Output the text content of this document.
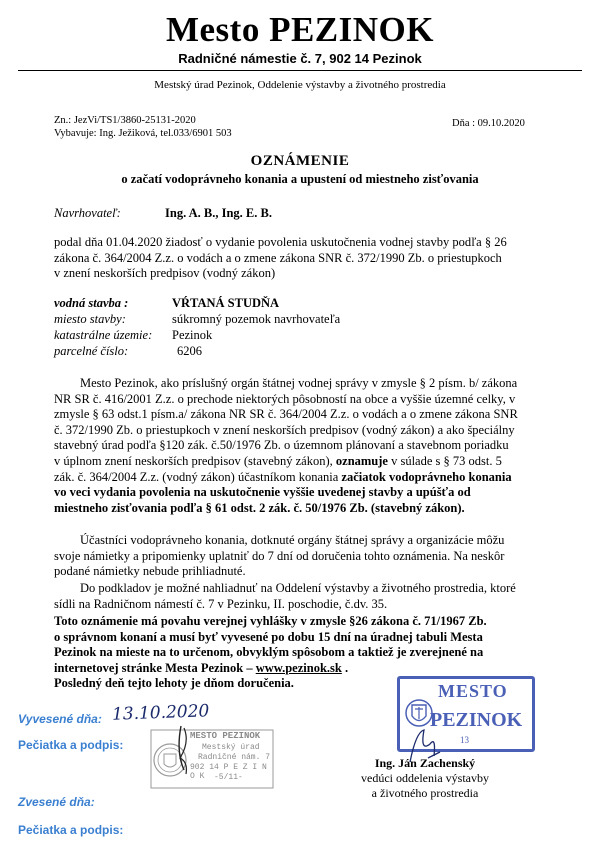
Mesto PEZINOK
Radničné námestie č. 7, 902 14 Pezinok
Mestský úrad Pezinok, Oddelenie výstavby a životného prostredia
Zn.: JezVi/TS1/3860-25131-2020
Vybavuje: Ing. Ježiková, tel.033/6901 503
Dňa : 09.10.2020
OZNÁMENIE
o začatí vodoprávneho konania a upustení od miestneho zisťovania
Navrhovateľ:	Ing. A. B., Ing. E. B.
podal dňa 01.04.2020 žiadosť o vydanie povolenia uskutočnenia vodnej stavby podľa § 26
zákona č. 364/2004 Z.z. o vodách a o zmene zákona SNR č. 372/1990 Zb. o priestupkoch
v znení neskorších predpisov (vodný zákon)
vodná stavba :	VŔTANÁ STUDŇA
miesto stavby:	súkromný pozemok navrhovateľa
katastrálne územie: Pezinok
parcelné číslo:	6206
Mesto Pezinok, ako príslušný orgán štátnej vodnej správy v zmysle § 2 písm. b/ zákona
NR SR č. 416/2001 Z.z. o prechode niektorých pôsobností na obce a vyššie územné celky, v
zmysle § 63 odst.1 písm.a/ zákona NR SR č. 364/2004 Z.z. o vodách a o zmene zákona SNR
č. 372/1990 Zb. o priestupkoch v znení neskorších predpisov (vodný zákon) a ako špeciálny
stavebný úrad podľa §120 zák. č.50/1976 Zb. o územnom plánovaní a stavebnom poriadku
v úplnom znení neskorších predpisov (stavebný zákon), oznamuje v súlade s § 73 odst. 5
zák. č. 364/2004 Z.z. (vodný zákon) účastníkom konania začiatok vodoprávneho konania
vo veci vydania povolenia na uskutočnenie vyššie uvedenej stavby a upúšťa od
miestneho zisťovania podľa § 61 odst. 2 zák. č. 50/1976 Zb. (stavebný zákon).
Účastníci vodoprávneho konania, dotknuté orgány štátnej správy a organizácie môžu
svoje námietky a pripomienky uplatniť do 7 dní od doručenia tohto oznámenia. Na neskôr
podané námietky nebude prihliadnuté.
Do podkladov je možné nahliadnuť na Oddelení výstavby a životného prostredia, ktoré
sídli na Radničnom námestí č. 7 v Pezinku, II. poschodie, č.dv. 35.
Toto oznámenie má povahu verejnej vyhlášky v zmysle §26 zákona č. 71/1967 Zb.
o správnom konaní a musí byť vyvesené po dobu 15 dní na úradnej tabuli Mesta
Pezinok na mieste na to určenom, obvyklým spôsobom a taktiež je zverejnené na
internetovej stránke Mesta Pezinok – www.pezinok.sk .
Posledný deň tejto lehoty je dňom doručenia.
Vyvesené dňa: 13.10.2020
Pečiatka a podpis:
Zvesené dňa:
Pečiatka a podpis:
MESTO PEZINOK
Mestský úrad
Radničné nám. 7
902 14 P E Z I N O K	-5/11-
MESTO
PEZINOK
13
Ing. Ján Zachenský
vedúci oddelenia výstavby
a životného prostredia
